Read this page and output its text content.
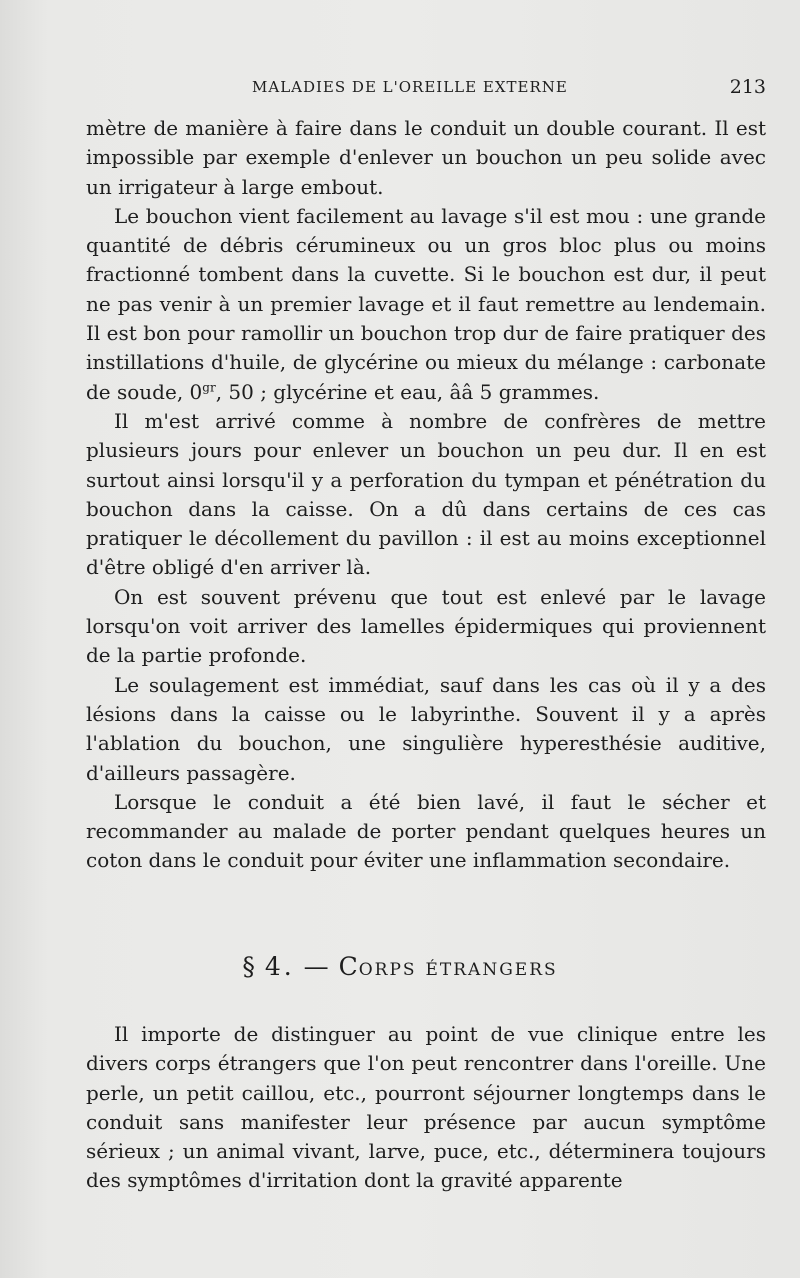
MALADIES DE L'OREILLE EXTERNE	213

mètre de manière à faire dans le conduit un double courant. Il est impossible par exemple d'enlever un bouchon un peu solide avec un irrigateur à large embout.

Le bouchon vient facilement au lavage s'il est mou : une grande quantité de débris cérumineux ou un gros bloc plus ou moins fractionné tombent dans la cuvette. Si le bouchon est dur, il peut ne pas venir à un premier lavage et il faut remettre au lendemain. Il est bon pour ramollir un bouchon trop dur de faire pratiquer des instillations d'huile, de glycérine ou mieux du mélange : carbonate de soude, $0^{gr}$, 50 ; glycérine et eau, ââ 5 grammes.

Il m'est arrivé comme à nombre de confrères de mettre plusieurs jours pour enlever un bouchon un peu dur. Il en est surtout ainsi lorsqu'il y a perforation du tympan et pénétration du bouchon dans la caisse. On a dû dans certains de ces cas pratiquer le décollement du pavillon : il est au moins exceptionnel d'être obligé d'en arriver là.

On est souvent prévenu que tout est enlevé par le lavage lorsqu'on voit arriver des lamelles épidermiques qui proviennent de la partie profonde.

Le soulagement est immédiat, sauf dans les cas où il y a des lésions dans la caisse ou le labyrinthe. Souvent il y a après l'ablation du bouchon, une singulière hyperesthésie auditive, d'ailleurs passagère.

Lorsque le conduit a été bien lavé, il faut le sécher et recommander au malade de porter pendant quelques heures un coton dans le conduit pour éviter une inflammation secondaire.

§ 4. — CORPS ÉTRANGERS

Il importe de distinguer au point de vue clinique entre les divers corps étrangers que l'on peut rencontrer dans l'oreille. Une perle, un petit caillou, etc., pourront séjourner longtemps dans le conduit sans manifester leur présence par aucun symptôme sérieux ; un animal vivant, larve, puce, etc., déterminera toujours des symptômes d'irritation dont la gravité apparente
